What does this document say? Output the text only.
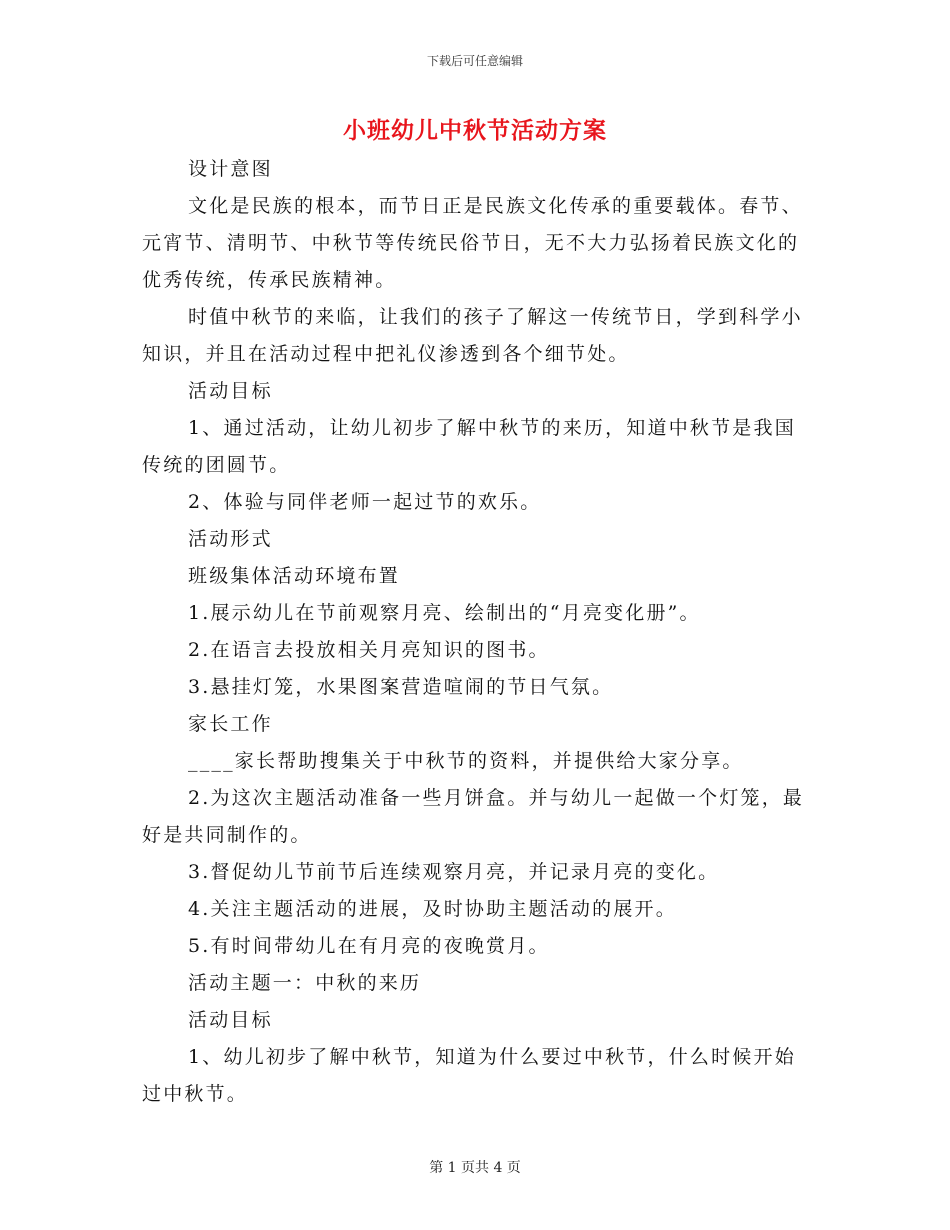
下载后可任意编辑
小班幼儿中秋节活动方案

设计意图

文化是民族的根本，而节日正是民族文化传承的重要载体。春节、元宵节、清明节、中秋节等传统民俗节日，无不大力弘扬着民族文化的优秀传统，传承民族精神。

时值中秋节的来临，让我们的孩子了解这一传统节日，学到科学小知识，并且在活动过程中把礼仪渗透到各个细节处。

活动目标

1、通过活动，让幼儿初步了解中秋节的来历，知道中秋节是我国传统的团圆节。

2、体验与同伴老师一起过节的欢乐。

活动形式

班级集体活动环境布置

1.展示幼儿在节前观察月亮、绘制出的“月亮变化册”。

2.在语言去投放相关月亮知识的图书。

3.悬挂灯笼，水果图案营造喧闹的节日气氛。

家长工作

____家长帮助搜集关于中秋节的资料，并提供给大家分享。

2.为这次主题活动准备一些月饼盒。并与幼儿一起做一个灯笼，最好是共同制作的。

3.督促幼儿节前节后连续观察月亮，并记录月亮的变化。

4.关注主题活动的进展，及时协助主题活动的展开。

5.有时间带幼儿在有月亮的夜晚赏月。

活动主题一：中秋的来历

活动目标

1、幼儿初步了解中秋节，知道为什么要过中秋节，什么时候开始过中秋节。

第 1 页共 4 页
